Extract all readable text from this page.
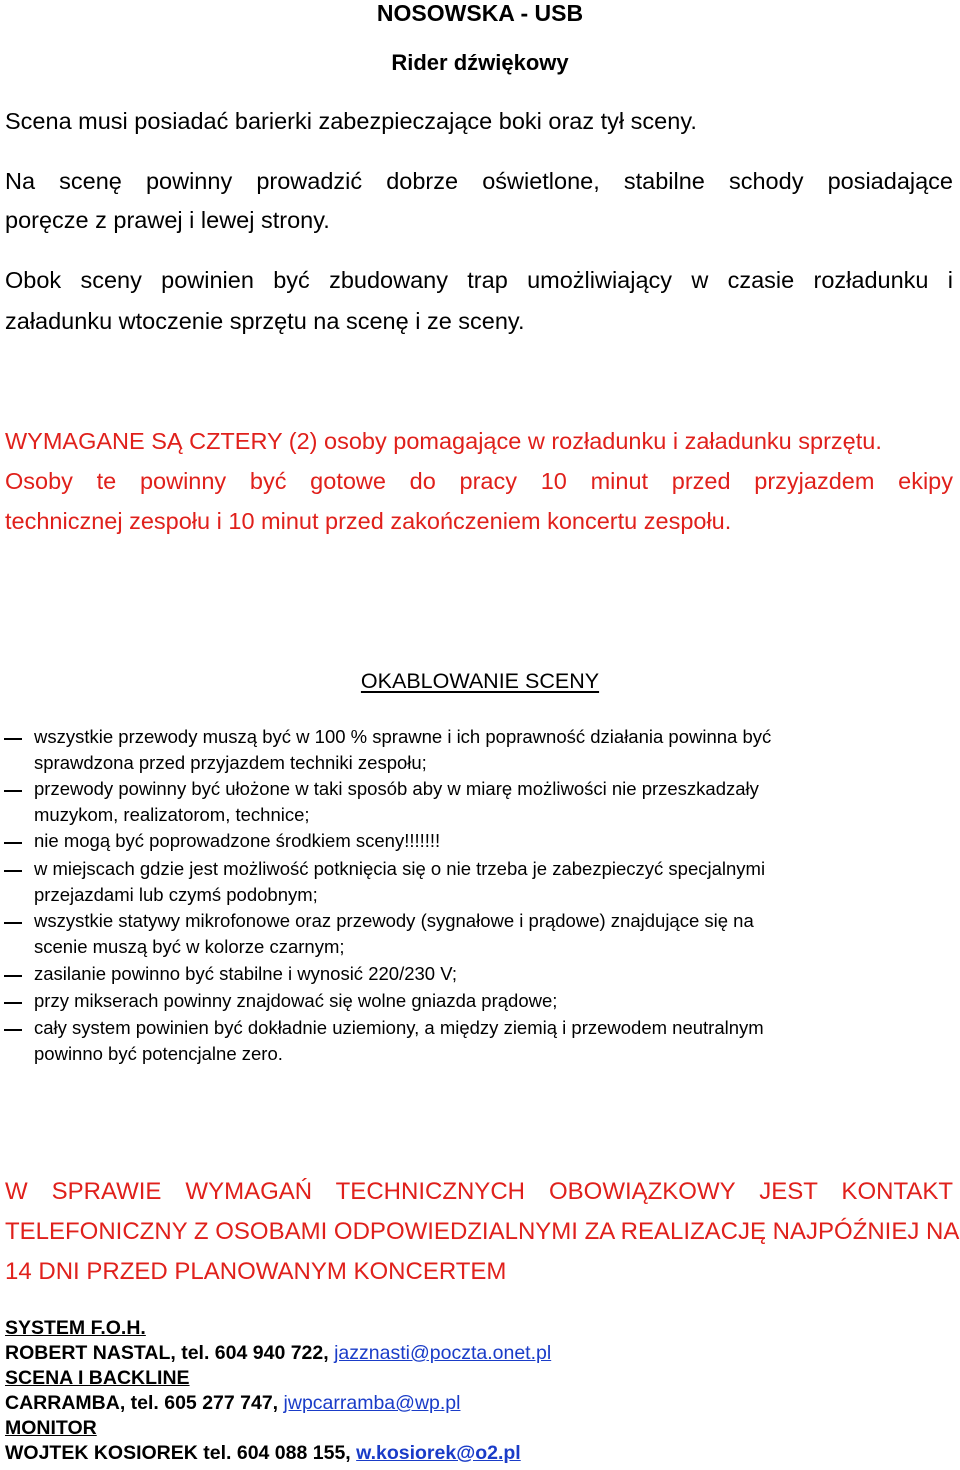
NOSOWSKA - USB
Rider dźwiękowy
Scena musi posiadać barierki zabezpieczające boki oraz tył sceny.
Na scenę powinny prowadzić dobrze oświetlone, stabilne schody posiadające
poręcze z prawej i lewej strony.
Obok sceny powinien być zbudowany trap umożliwiający w czasie rozładunku i
załadunku wtoczenie sprzętu na scenę i ze sceny.
WYMAGANE SĄ CZTERY (2) osoby pomagające w rozładunku i załadunku sprzętu.
Osoby te powinny być gotowe do pracy 10 minut przed przyjazdem ekipy
technicznej zespołu i 10 minut przed zakończeniem koncertu zespołu.
OKABLOWANIE SCENY
wszystkie przewody muszą być w 100 % sprawne i ich poprawność działania powinna być
sprawdzona przed przyjazdem techniki zespołu;
przewody powinny być ułożone w taki sposób aby w miarę możliwości nie przeszkadzały
muzykom, realizatorom, technice;
nie mogą być poprowadzone środkiem sceny!!!!!!!
w miejscach gdzie jest możliwość potknięcia się o nie trzeba je zabezpieczyć specjalnymi
przejazdami lub czymś podobnym;
wszystkie statywy mikrofonowe oraz przewody (sygnałowe i prądowe) znajdujące się na
scenie muszą być w kolorze czarnym;
zasilanie powinno być stabilne i wynosić 220/230 V;
przy mikserach powinny znajdować się wolne gniazda prądowe;
cały system powinien być dokładnie uziemiony, a między ziemią i przewodem neutralnym
powinno być potencjalne zero.
W SPRAWIE WYMAGAŃ TECHNICZNYCH OBOWIĄZKOWY JEST KONTAKT
TELEFONICZNY Z OSOBAMI ODPOWIEDZIALNYMI ZA REALIZACJĘ NAJPÓŹNIEJ NA
14 DNI PRZED PLANOWANYM KONCERTEM
SYSTEM F.O.H.
ROBERT NASTAL, tel. 604 940 722, jazznasti@poczta.onet.pl
SCENA I BACKLINE
CARRAMBA, tel. 605 277 747, jwpcarramba@wp.pl
MONITOR
WOJTEK KOSIOREK tel. 604 088 155, w.kosiorek@o2.pl
